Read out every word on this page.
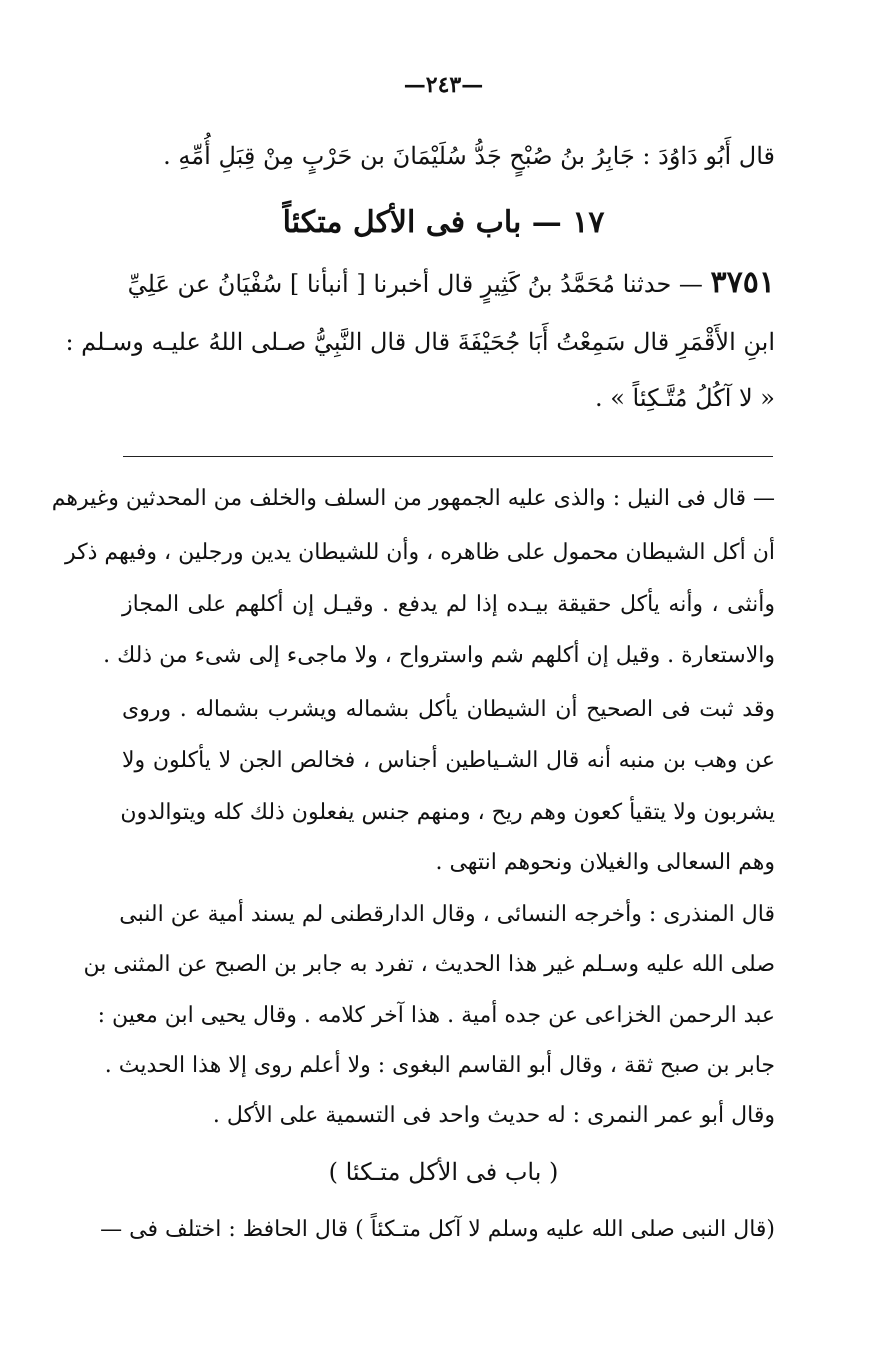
—٢٤٣—
قال أَبُو دَاوُدَ : جَابِرُ بنُ صُبْحٍ جَدُّ سُلَيْمَانَ بن حَرْبٍ مِنْ قِبَلِ أُمِّهِ .
١٧ — باب فى الأكل متكئاً
٣٧٥١ — حدثنا مُحَمَّدُ بنُ كَثِيرٍ قال أخبرنا [ أنبأنا ] سُفْيَانُ عن عَلِيِّ
ابنِ الأَقْمَرِ قال سَمِعْتُ أَبَا جُحَيْفَةَ قال قال النَّبِيُّ صـلى اللهُ عليـه وسـلم :
« لا آكُلُ مُتَّـكِئاً » .
— قال فى النيل : والذى عليه الجمهور من السلف والخلف من المحدثين وغيرهم
أن أكل الشيطان محمول على ظاهره ، وأن للشيطان يدين ورجلين ، وفيهم ذكر
وأنثى ، وأنه يأكل حقيقة بيـده إذا لم يدفع . وقيـل إن أكلهم على المجاز
والاستعارة . وقيل إن أكلهم شم واسترواح ، ولا ماجىء إلى شىء من ذلك .
وقد ثبت فى الصحيح أن الشيطان يأكل بشماله ويشرب بشماله . وروى
عن وهب بن منبه أنه قال الشـياطين أجناس ، فخالص الجن لا يأكلون ولا
يشربون ولا يتقيأ كعون وهم ريح ، ومنهم جنس يفعلون ذلك كله ويتوالدون
وهم السعالى والغيلان ونحوهم انتهى .
قال المنذرى : وأخرجه النسائى ، وقال الدارقطنى لم يسند أمية عن النبى
صلى الله عليه وسـلم غير هذا الحديث ، تفرد به جابر بن الصبح عن المثنى بن
عبد الرحمن الخزاعى عن جده أمية . هذا آخر كلامه . وقال يحيى ابن معين :
جابر بن صبح ثقة ، وقال أبو القاسم البغوى : ولا أعلم روى إلا هذا الحديث .
وقال أبو عمر النمرى : له حديث واحد فى التسمية على الأكل .
( باب فى الأكل متـكئا )
(قال النبى صلى الله عليه وسلم لا آكل متـكئاً ) قال الحافظ : اختلف فى —
